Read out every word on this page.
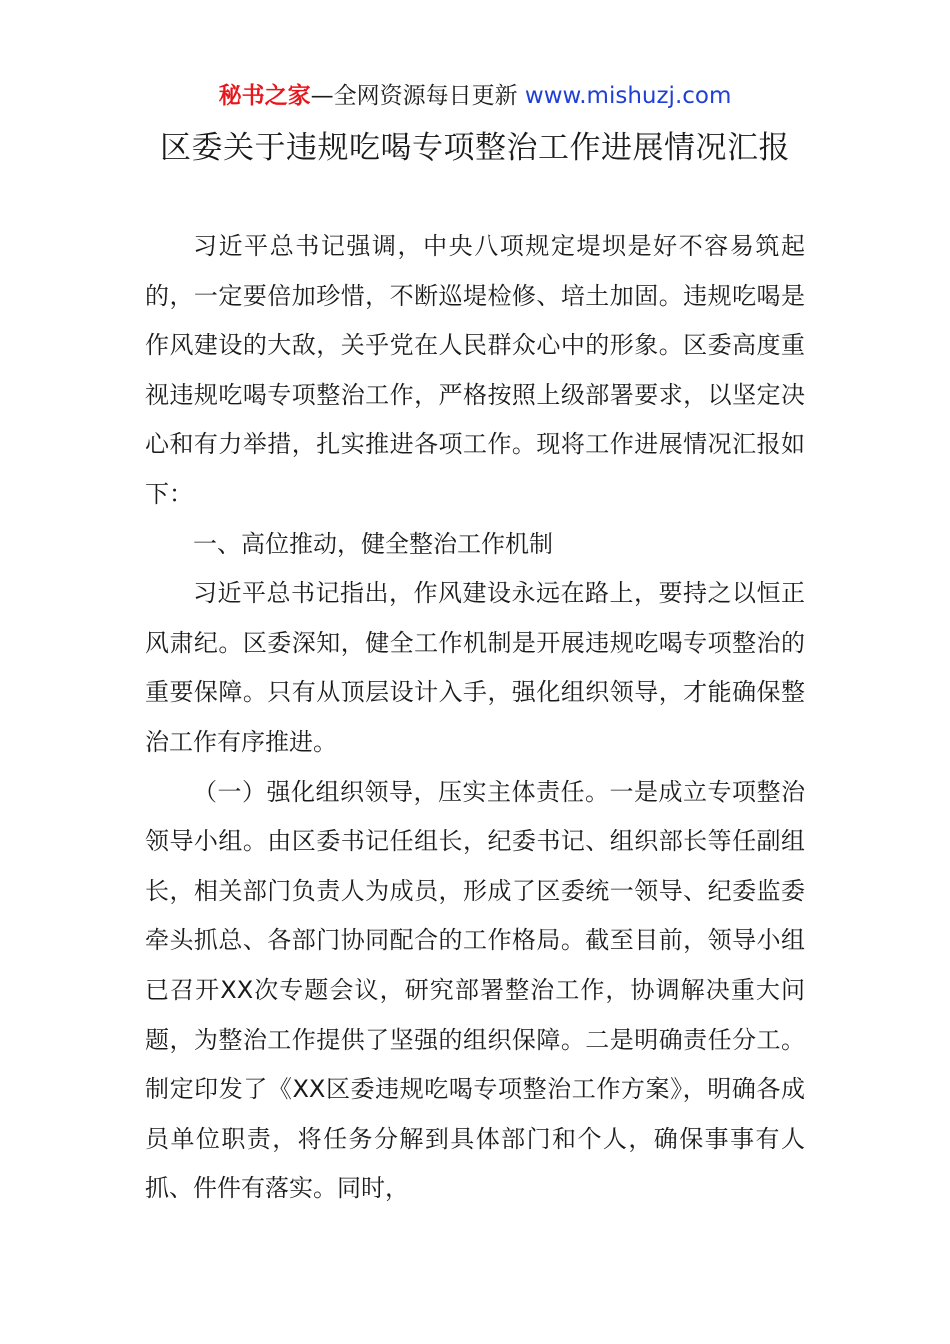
秘书之家—全网资源每日更新 www.mishuzj.com
区委关于违规吃喝专项整治工作进展情况汇报

习近平总书记强调，中央八项规定堤坝是好不容易筑起的，一定要倍加珍惜，不断巡堤检修、培土加固。违规吃喝是作风建设的大敌，关乎党在人民群众心中的形象。区委高度重视违规吃喝专项整治工作，严格按照上级部署要求，以坚定决心和有力举措，扎实推进各项工作。现将工作进展情况汇报如下：

一、高位推动，健全整治工作机制

习近平总书记指出，作风建设永远在路上，要持之以恒正风肃纪。区委深知，健全工作机制是开展违规吃喝专项整治的重要保障。只有从顶层设计入手，强化组织领导，才能确保整治工作有序推进。

（一）强化组织领导，压实主体责任。一是成立专项整治领导小组。由区委书记任组长，纪委书记、组织部长等任副组长，相关部门负责人为成员，形成了区委统一领导、纪委监委牵头抓总、各部门协同配合的工作格局。截至目前，领导小组已召开XX次专题会议，研究部署整治工作，协调解决重大问题，为整治工作提供了坚强的组织保障。二是明确责任分工。制定印发了《XX区委违规吃喝专项整治工作方案》，明确各成员单位职责，将任务分解到具体部门和个人，确保事事有人抓、件件有落实。同时，
